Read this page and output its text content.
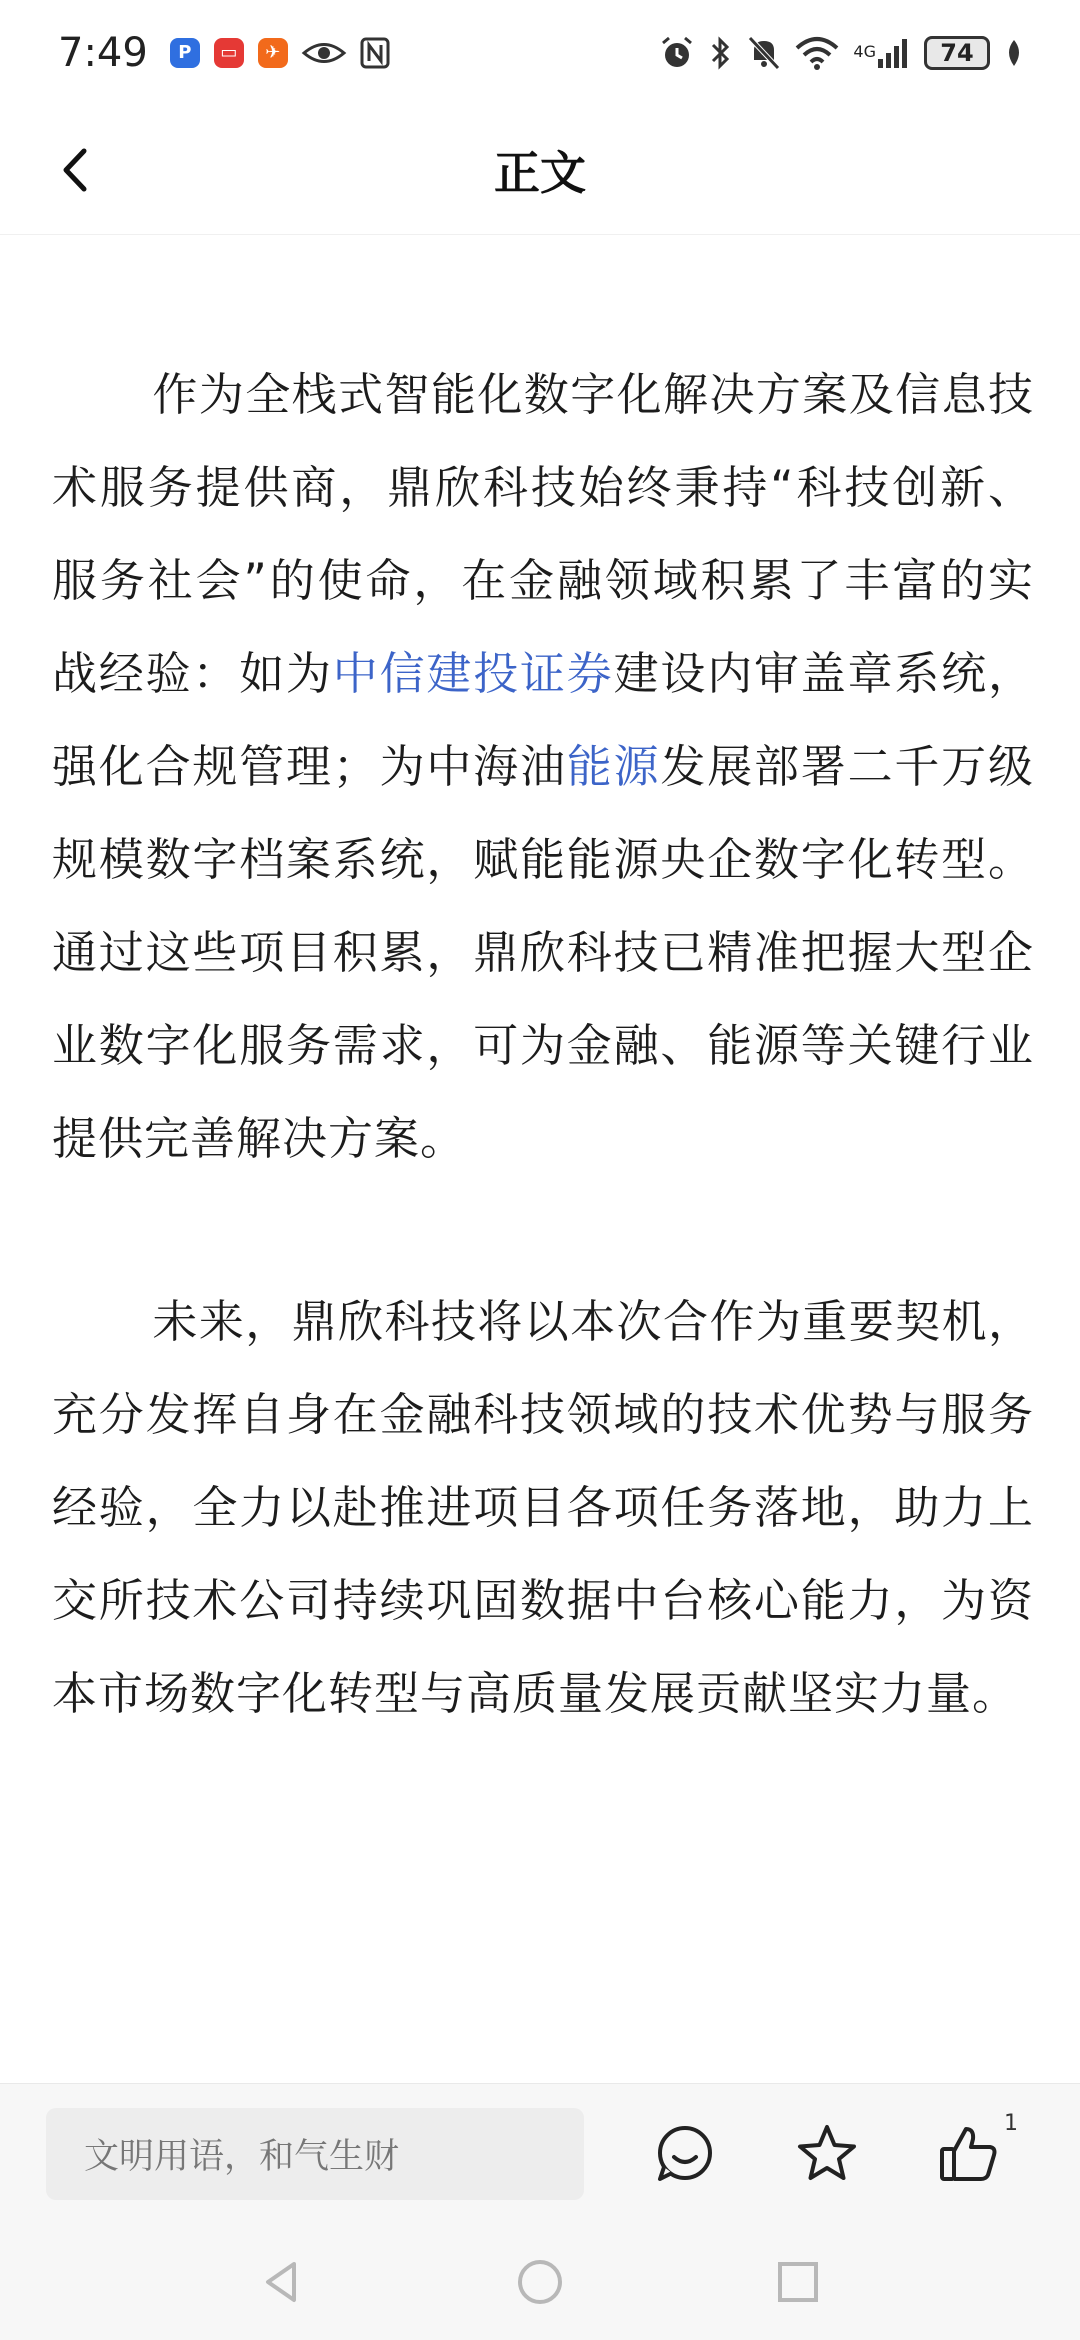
7:49	P	▭	✈	4G	74
正文

作为全栈式智能化数字化解决方案及信息技术服务提供商，鼎欣科技始终秉持“科技创新、服务社会”的使命，在金融领域积累了丰富的实战经验：如为中信建投证券建设内审盖章系统，强化合规管理；为中海油能源发展部署二千万级规模数字档案系统，赋能能源央企数字化转型。通过这些项目积累，鼎欣科技已精准把握大型企业数字化服务需求，可为金融、能源等关键行业提供完善解决方案。

未来，鼎欣科技将以本次合作为重要契机，充分发挥自身在金融科技领域的技术优势与服务经验，全力以赴推进项目各项任务落地，助力上交所技术公司持续巩固数据中台核心能力，为资本市场数字化转型与高质量发展贡献坚实力量。

文明用语，和气生财
1
